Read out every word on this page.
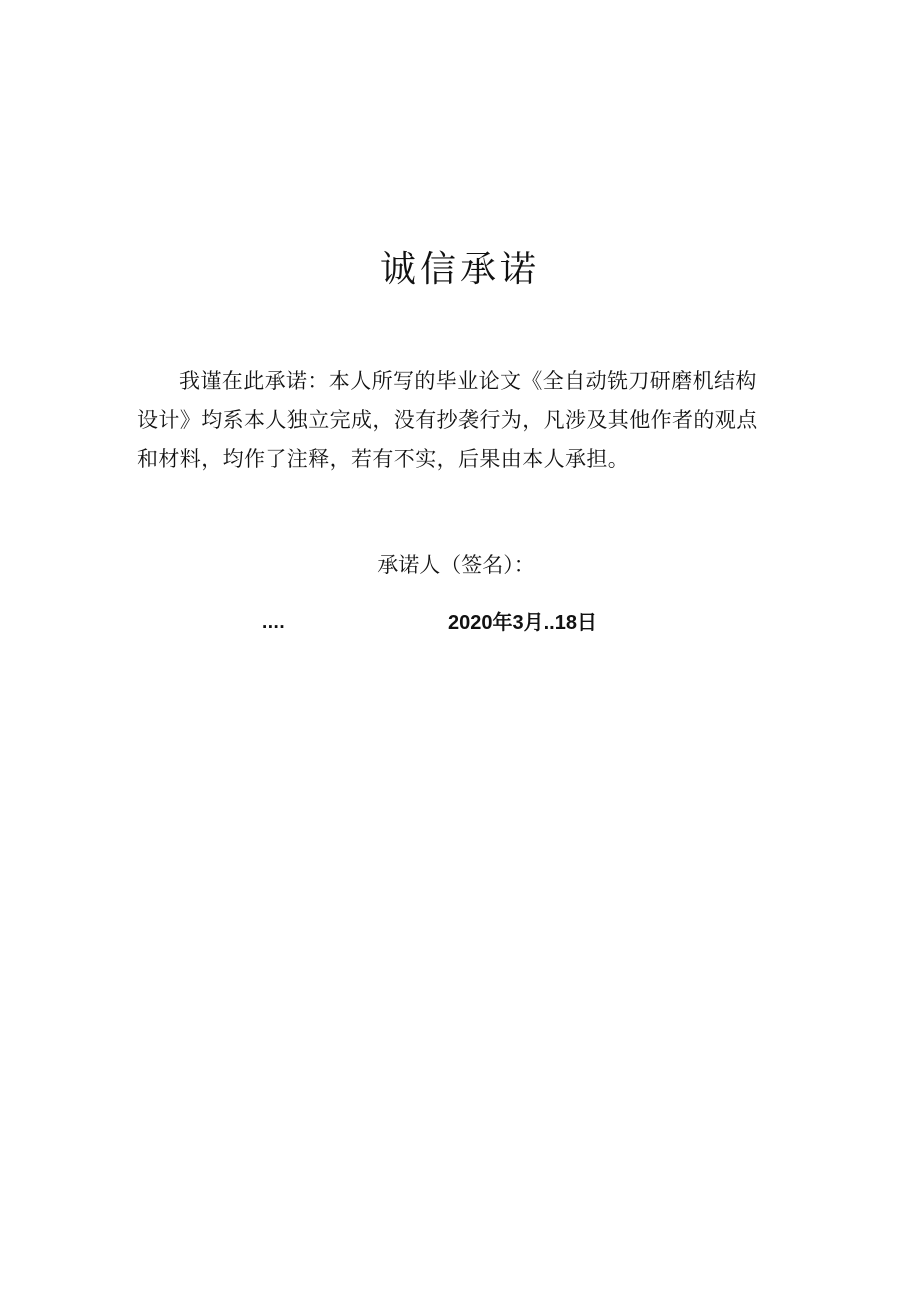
诚信承诺
我谨在此承诺：本人所写的毕业论文《全自动铣刀研磨机结构
设计》均系本人独立完成，没有抄袭行为，凡涉及其他作者的观点
和材料，均作了注释，若有不实，后果由本人承担。
承诺人（签名）：
....	2020年3月..18日
